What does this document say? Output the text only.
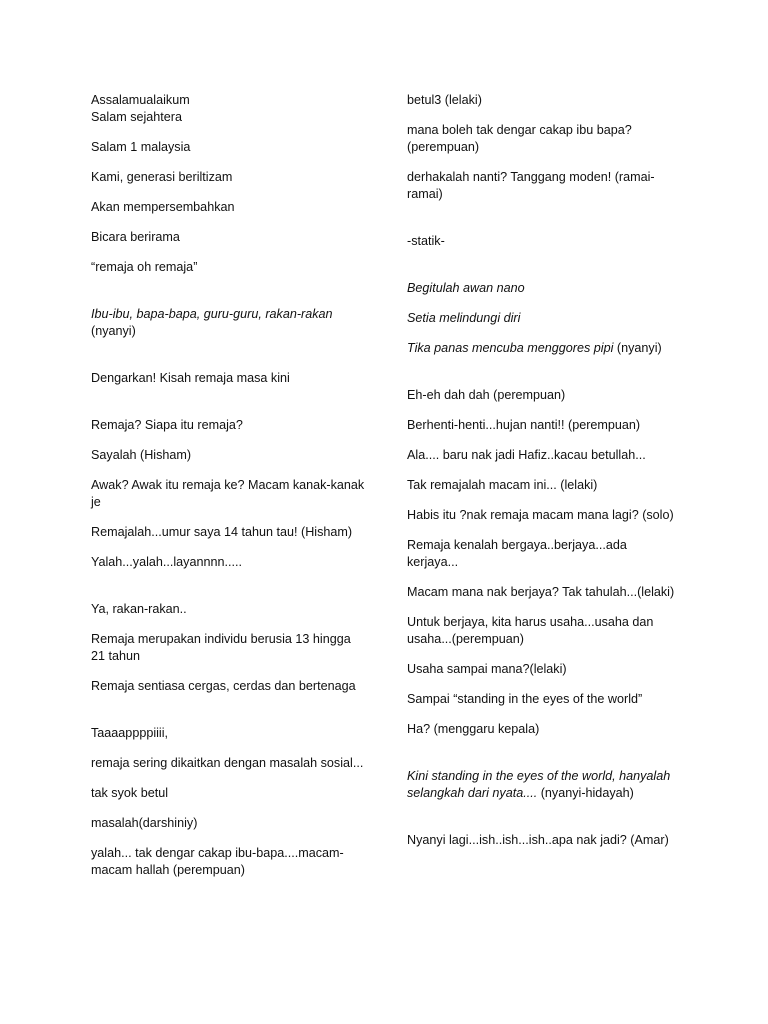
Assalamualaikum

Salam sejahtera

Salam 1 malaysia

Kami, generasi beriltizam

Akan mempersembahkan

Bicara berirama

“remaja oh remaja”

Ibu-ibu, bapa-bapa, guru-guru, rakan-rakan
(nyanyi)

Dengarkan! Kisah remaja masa kini

Remaja? Siapa itu remaja?

Sayalah (Hisham)

Awak? Awak itu remaja ke? Macam kanak-kanak je

Remajalah...umur saya 14 tahun tau! (Hisham)

Yalah...yalah...layannnn.....

Ya, rakan-rakan..

Remaja merupakan individu berusia 13 hingga 21 tahun

Remaja sentiasa cergas, cerdas dan bertenaga

Taaaappppiiii,

remaja sering dikaitkan dengan masalah sosial...

tak syok betul

masalah(darshiniy)

yalah... tak dengar cakap ibu-bapa....macam-macam hallah (perempuan)

betul3 (lelaki)

mana boleh tak dengar cakap ibu bapa? (perempuan)

derhakalah nanti? Tanggang moden! (ramai-ramai)

-statik-

Begitulah awan nano

Setia melindungi diri

Tika panas mencuba menggores pipi (nyanyi)

Eh-eh dah dah (perempuan)

Berhenti-henti...hujan nanti!! (perempuan)

Ala.... baru nak jadi Hafiz..kacau betullah...

Tak remajalah macam ini... (lelaki)

Habis itu ?nak remaja macam mana lagi? (solo)

Remaja kenalah bergaya..berjaya...ada kerjaya...

Macam mana nak berjaya? Tak tahulah...(lelaki)

Untuk berjaya, kita harus usaha...usaha dan usaha...(perempuan)

Usaha sampai mana?(lelaki)

Sampai “standing in the eyes of the world”

Ha? (menggaru kepala)

Kini standing in the eyes of the world, hanyalah selangkah dari nyata.... (nyanyi-hidayah)

Nyanyi lagi...ish..ish...ish..apa nak jadi? (Amar)
